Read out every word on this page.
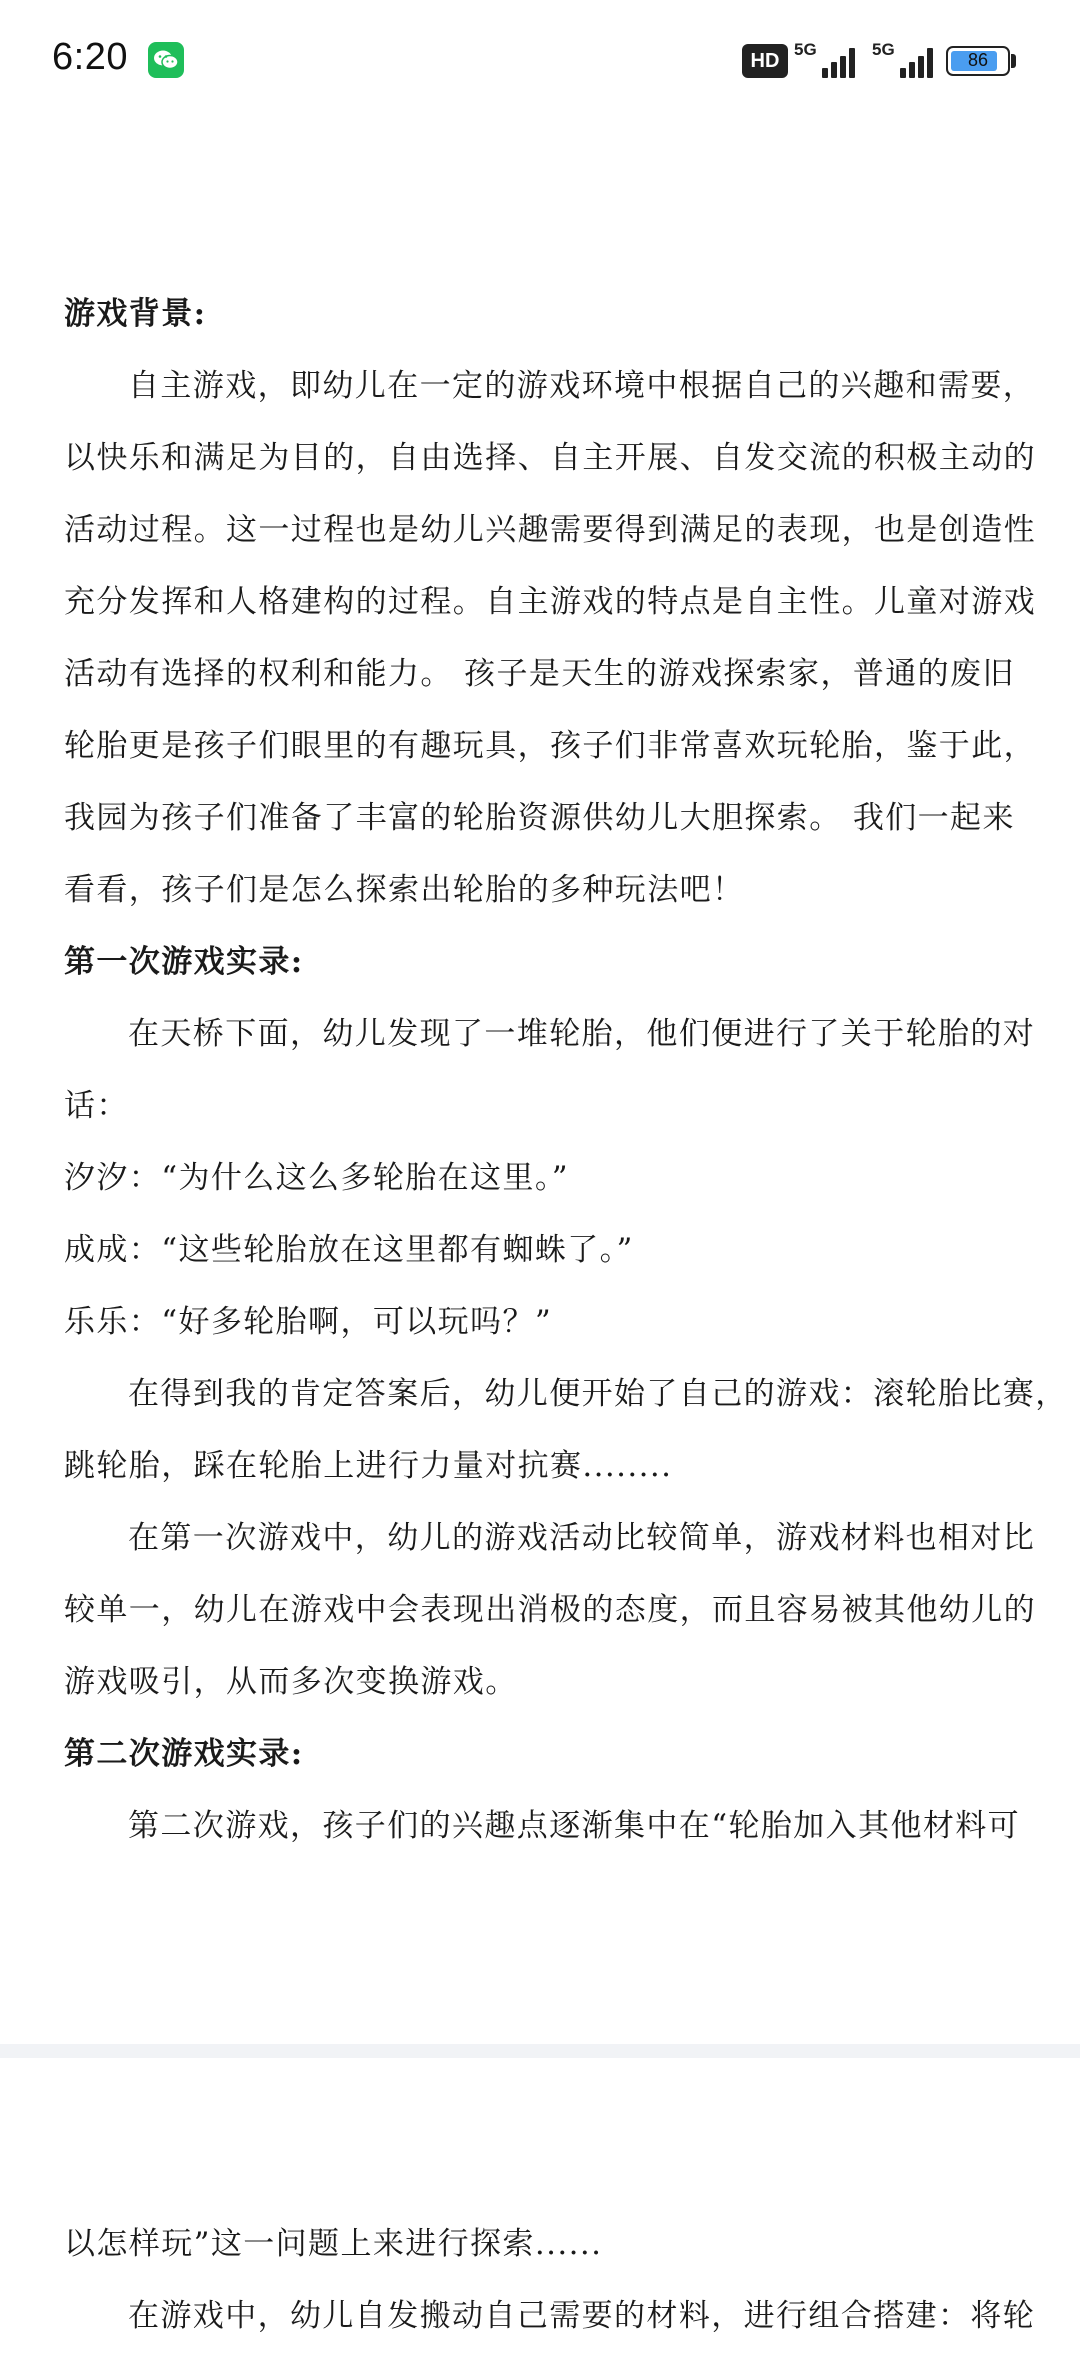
6:20	HD
5G	5G
86
游戏背景:
自主游戏，即幼儿在一定的游戏环境中根据自己的兴趣和需要，
以快乐和满足为目的，自由选择、自主开展、自发交流的积极主动的
活动过程。这一过程也是幼儿兴趣需要得到满足的表现，也是创造性
充分发挥和人格建构的过程。自主游戏的特点是自主性。儿童对游戏
活动有选择的权利和能力。 孩子是天生的游戏探索家，普通的废旧
轮胎更是孩子们眼里的有趣玩具，孩子们非常喜欢玩轮胎，鉴于此，
我园为孩子们准备了丰富的轮胎资源供幼儿大胆探索。 我们一起来
看看，孩子们是怎么探索出轮胎的多种玩法吧！
第一次游戏实录:
在天桥下面，幼儿发现了一堆轮胎，他们便进行了关于轮胎的对
话：
汐汐：“为什么这么多轮胎在这里。”
成成：“这些轮胎放在这里都有蜘蛛了。”
乐乐：“好多轮胎啊，可以玩吗？”
在得到我的肯定答案后，幼儿便开始了自己的游戏：滚轮胎比赛，
跳轮胎，踩在轮胎上进行力量对抗赛........
在第一次游戏中，幼儿的游戏活动比较简单，游戏材料也相对比
较单一，幼儿在游戏中会表现出消极的态度，而且容易被其他幼儿的
游戏吸引，从而多次变换游戏。
第二次游戏实录:
第二次游戏，孩子们的兴趣点逐渐集中在“轮胎加入其他材料可
以怎样玩”这一问题上来进行探索......
在游戏中，幼儿自发搬动自己需要的材料，进行组合搭建：将轮
